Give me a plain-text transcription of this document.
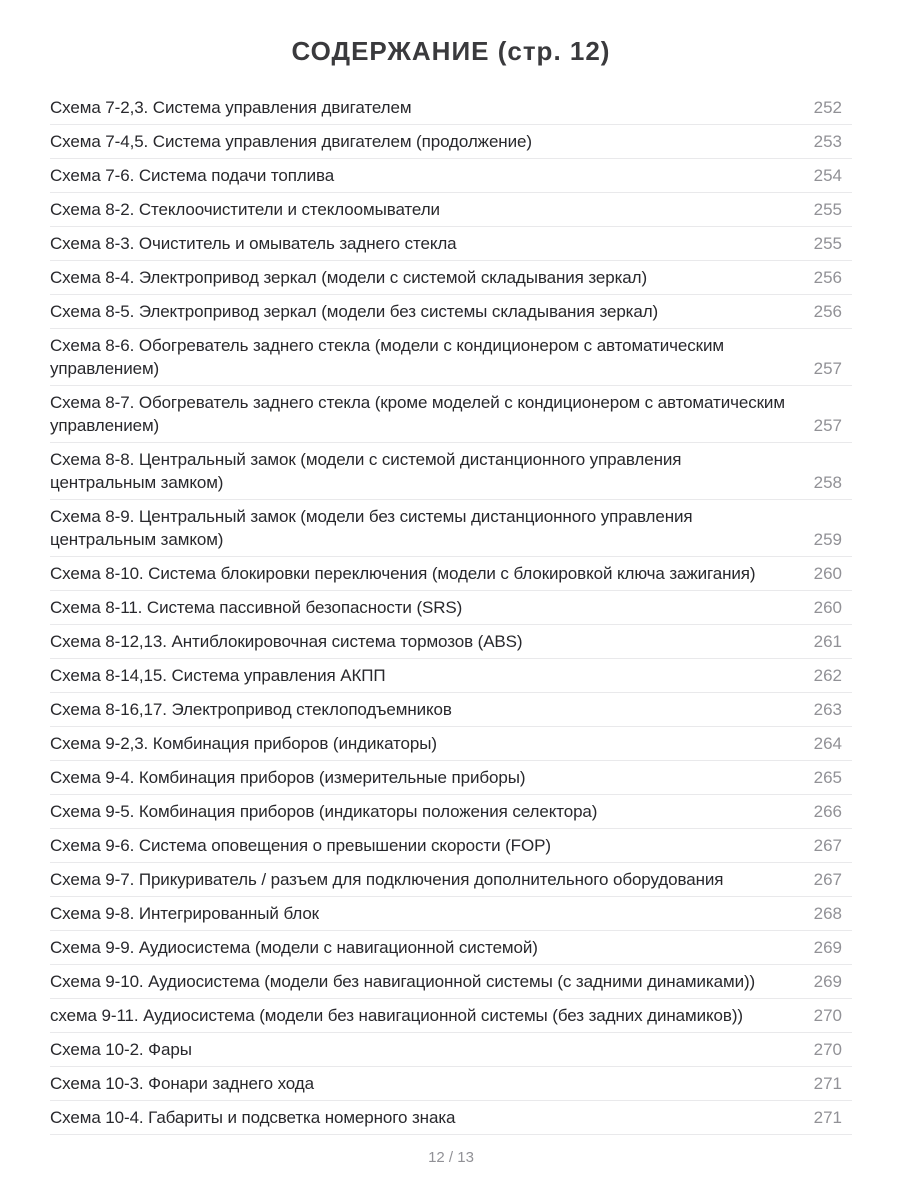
СОДЕРЖАНИЕ (стр. 12)
Схема 7-2,3. Система управления двигателем	252
Схема 7-4,5. Система управления двигателем (продолжение)	253
Схема 7-6. Система подачи топлива	254
Схема 8-2. Стеклоочистители и стеклоомыватели	255
Схема 8-3. Очиститель и омыватель заднего стекла	255
Схема 8-4. Электропривод зеркал (модели с системой складывания зеркал)	256
Схема 8-5. Электропривод зеркал (модели без системы складывания зеркал)	256
Схема 8-6. Обогреватель заднего стекла (модели с кондиционером с автоматическим управлением)	257
Схема 8-7. Обогреватель заднего стекла (кроме моделей с кондиционером с автоматическим управлением)	257
Схема 8-8. Центральный замок (модели с системой дистанционного управления центральным замком)	258
Схема 8-9. Центральный замок (модели без системы дистанционного управления центральным замком)	259
Схема 8-10. Система блокировки переключения (модели с блокировкой ключа зажигания)	260
Схема 8-11. Система пассивной безопасности (SRS)	260
Схема 8-12,13. Антиблокировочная система тормозов (ABS)	261
Схема 8-14,15. Система управления АКПП	262
Схема 8-16,17. Электропривод стеклоподъемников	263
Схема 9-2,3. Комбинация приборов (индикаторы)	264
Схема 9-4. Комбинация приборов (измерительные приборы)	265
Схема 9-5. Комбинация приборов (индикаторы положения селектора)	266
Схема 9-6. Система оповещения о превышении скорости (FOP)	267
Схема 9-7. Прикуриватель / разъем для подключения дополнительного оборудования	267
Схема 9-8. Интегрированный блок	268
Схема 9-9. Аудиосистема (модели с навигационной системой)	269
Схема 9-10. Аудиосистема (модели без навигационной системы (с задними динамиками))	269
схема 9-11. Аудиосистема (модели без навигационной системы (без задних динамиков))	270
Схема 10-2. Фары	270
Схема 10-3. Фонари заднего хода	271
Схема 10-4. Габариты и подсветка номерного знака	271
12 / 13
